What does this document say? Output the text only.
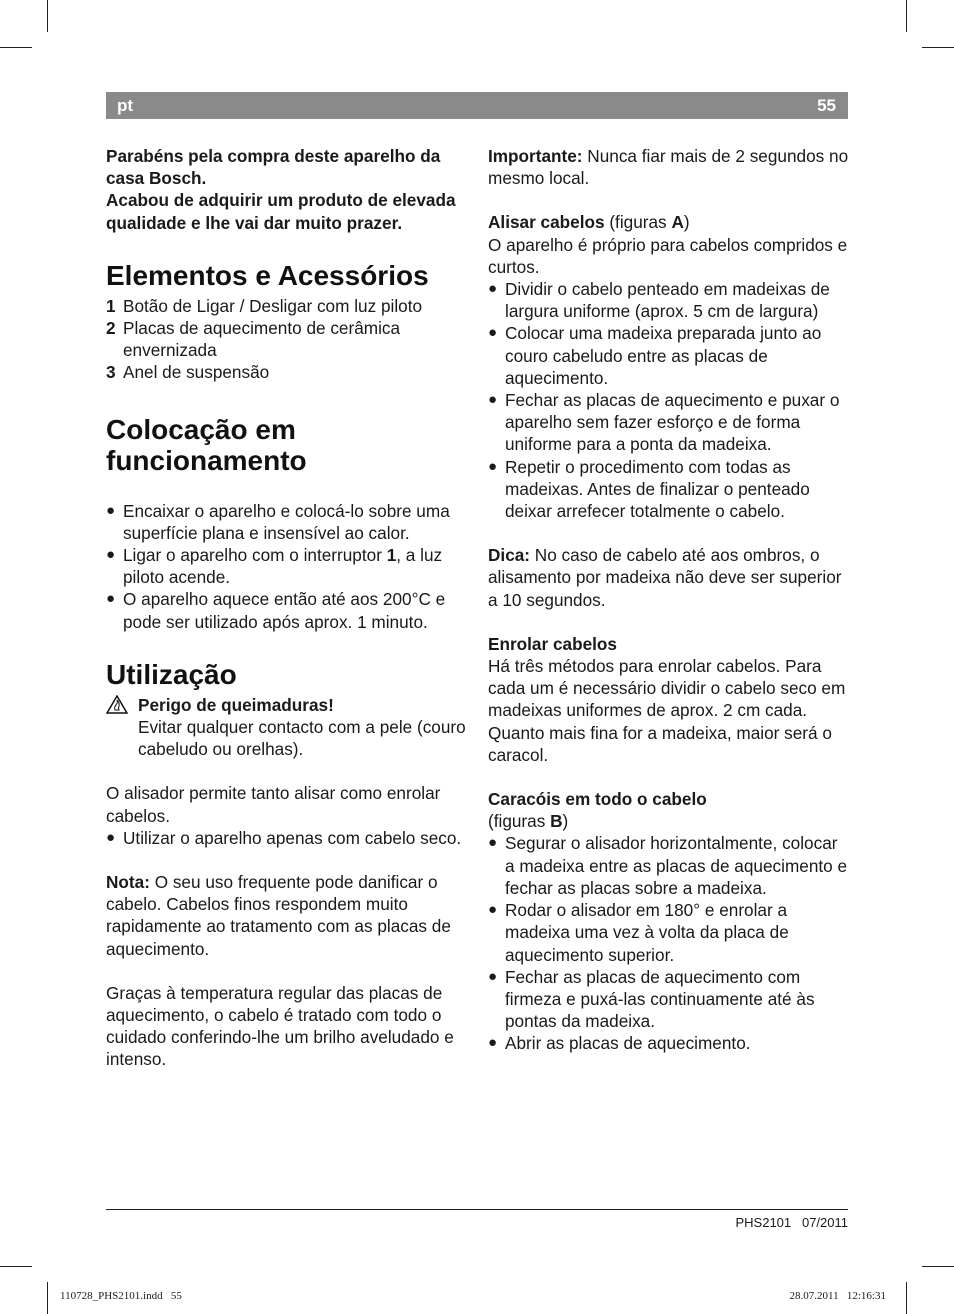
pt	55

Parabéns pela compra deste aparelho da casa Bosch.

Acabou de adquirir um produto de elevada qualidade e lhe vai dar muito prazer.

Elementos e Acessórios
1 Botão de Ligar / Desligar com luz piloto
2 Placas de aquecimento de cerâmica envernizada
3 Anel de suspensão
Colocação em funcionamento
● Encaixar o aparelho e colocá-lo sobre uma superfície plana e insensível ao calor.
● Ligar o aparelho com o interruptor 1, a luz piloto acende.
● O aparelho aquece então até aos 200°C e pode ser utilizado após aprox. 1 minuto.
Utilização

Perigo de queimaduras!

Evitar qualquer contacto com a pele (couro cabeludo ou orelhas).

O alisador permite tanto alisar como enrolar cabelos.

● Utilizar o aparelho apenas com cabelo seco.

Nota: O seu uso frequente pode danificar o cabelo. Cabelos finos respondem muito rapidamente ao tratamento com as placas de aquecimento.

Graças à temperatura regular das placas de aquecimento, o cabelo é tratado com todo o cuidado conferindo-lhe um brilho aveludado e intenso.

Importante: Nunca fiar mais de 2 segundos no mesmo local.

Alisar cabelos (figuras A)

O aparelho é próprio para cabelos compridos e curtos.

● Dividir o cabelo penteado em madeixas de largura uniforme (aprox. 5 cm de largura)
● Colocar uma madeixa preparada junto ao couro cabeludo entre as placas de aquecimento.
● Fechar as placas de aquecimento e puxar o aparelho sem fazer esforço e de forma uniforme para a ponta da madeixa.
● Repetir o procedimento com todas as madeixas. Antes de finalizar o penteado deixar arrefecer totalmente o cabelo.

Dica: No caso de cabelo até aos ombros, o alisamento por madeixa não deve ser superior a 10 segundos.

Enrolar cabelos

Há três métodos para enrolar cabelos. Para cada um é necessário dividir o cabelo seco em madeixas uniformes de aprox. 2 cm cada. Quanto mais fina for a madeixa, maior será o caracol.

Caracóis em todo o cabelo

(figuras B)

● Segurar o alisador horizontalmente, colocar a madeixa entre as placas de aquecimento e fechar as placas sobre a madeixa.
● Rodar o alisador em 180° e enrolar a madeixa uma vez à volta da placa de aquecimento superior.
● Fechar as placas de aquecimento com firmeza e puxá-las continuamente até às pontas da madeixa.
● Abrir as placas de aquecimento.
PHS2101   07/2011
110728_PHS2101.indd   55	28.07.2011   12:16:31
